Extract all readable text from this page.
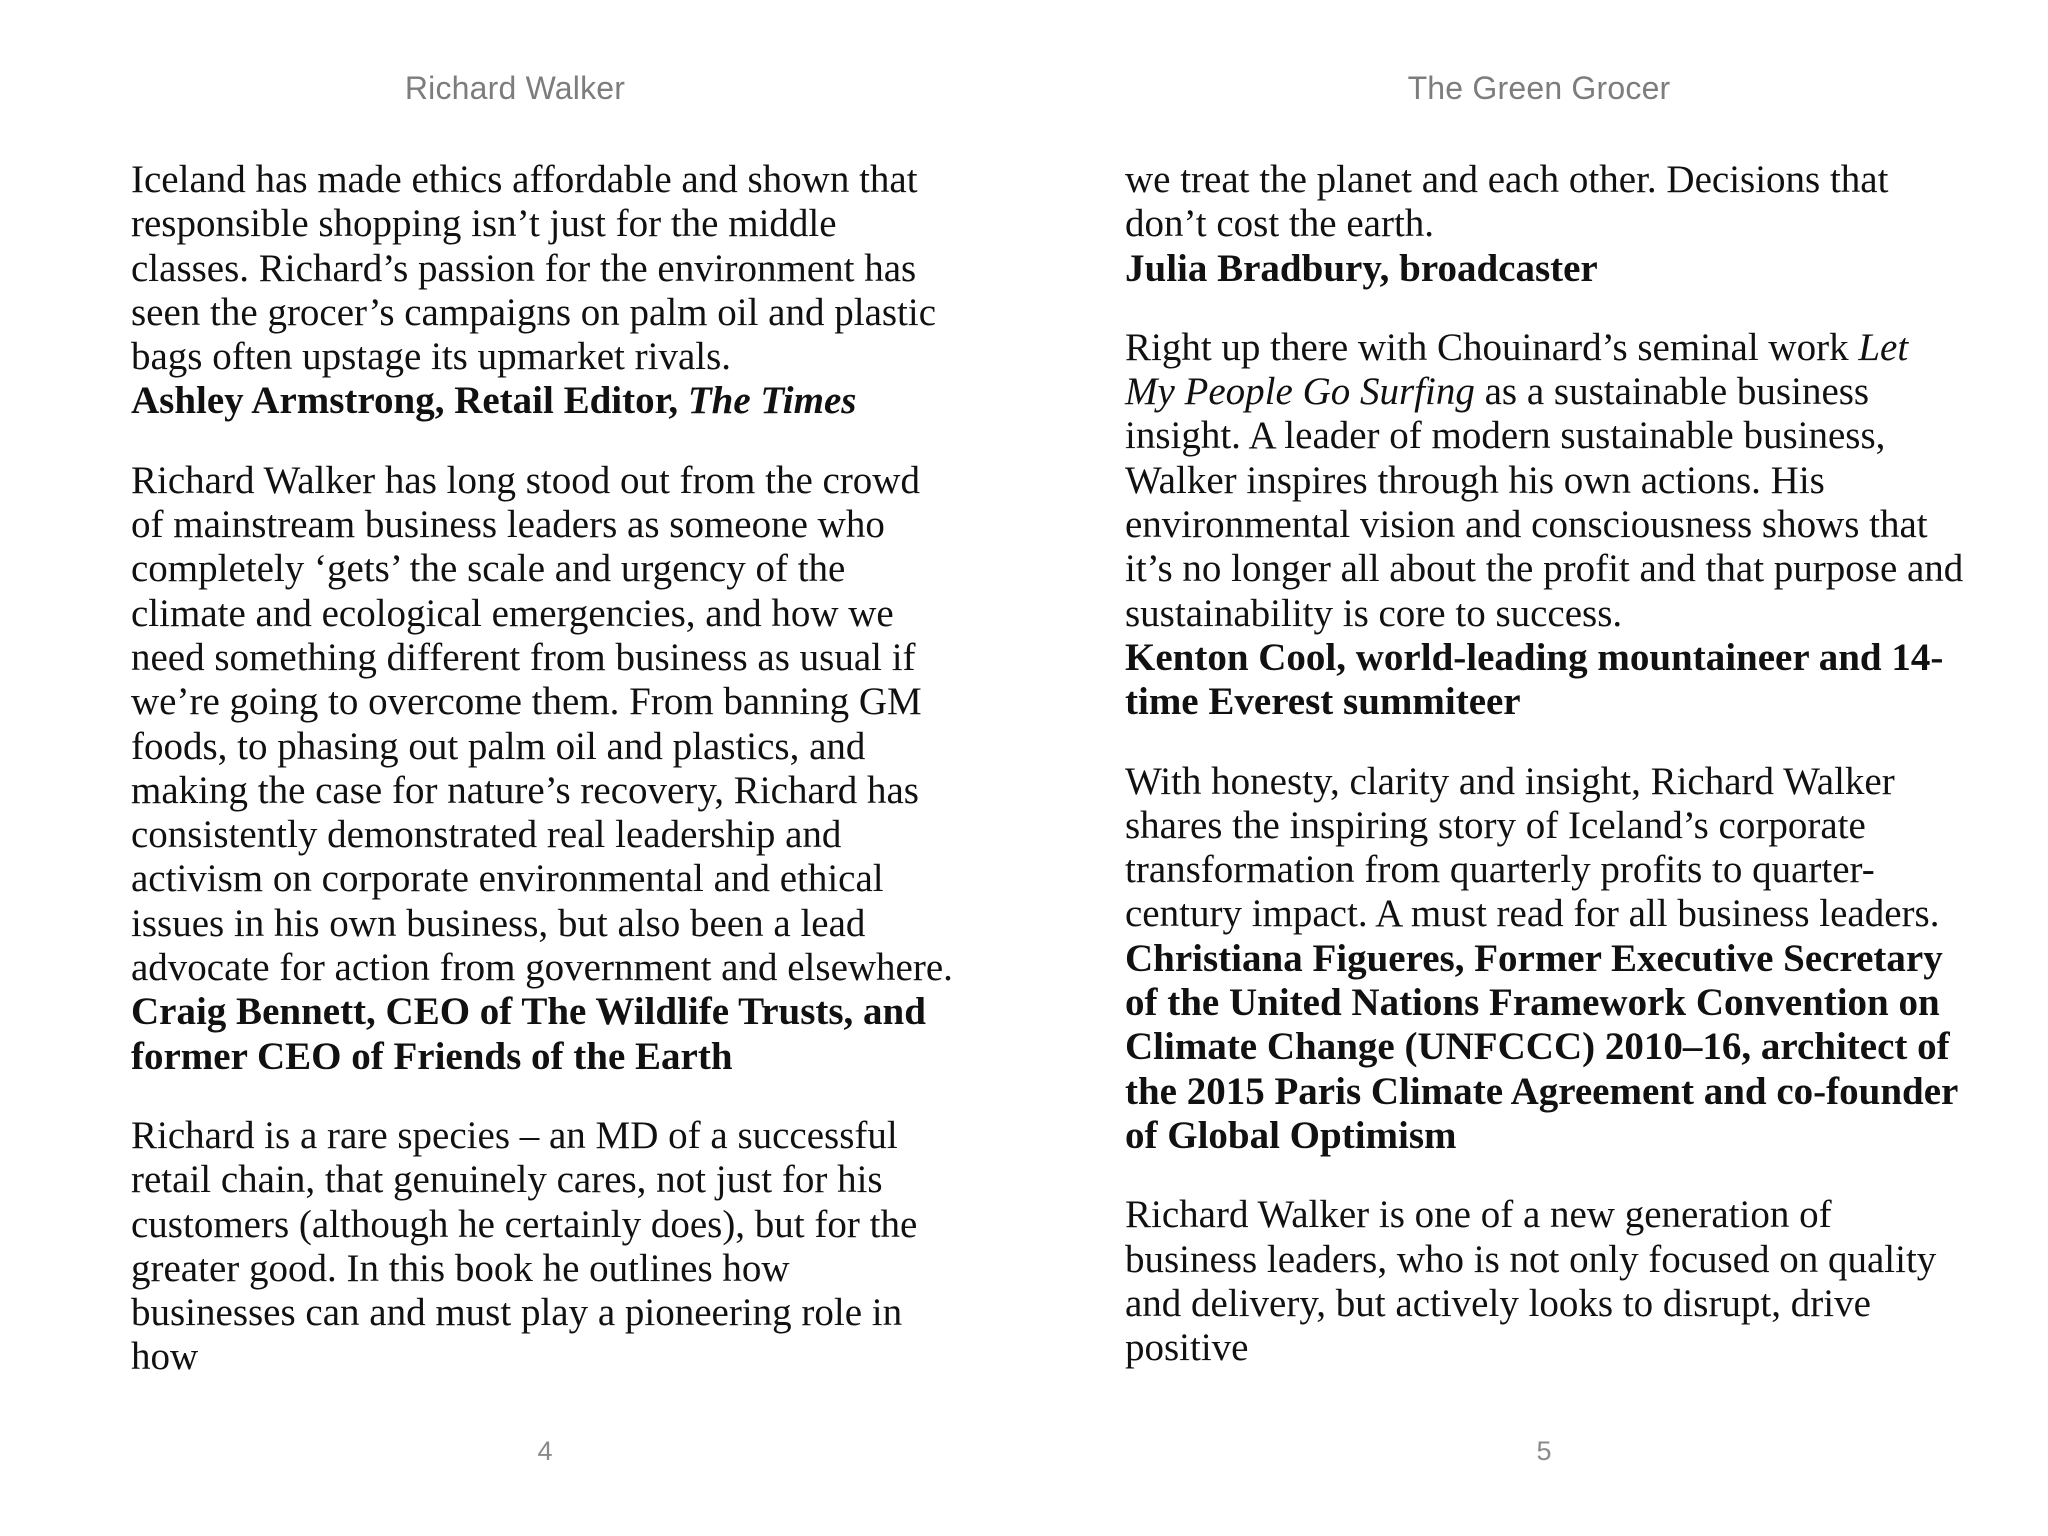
Richard Walker
Iceland has made ethics affordable and shown that responsible shopping isn’t just for the middle classes. Richard’s passion for the environment has seen the grocer’s campaigns on palm oil and plastic bags often upstage its upmarket rivals.
Ashley Armstrong, Retail Editor, The Times
Richard Walker has long stood out from the crowd of mainstream business leaders as someone who completely ‘gets’ the scale and urgency of the climate and ecological emergencies, and how we need something different from business as usual if we’re going to overcome them. From banning GM foods, to phasing out palm oil and plastics, and making the case for nature’s recovery, Richard has consistently demonstrated real leadership and activism on corporate environmental and ethical issues in his own business, but also been a lead advocate for action from government and elsewhere.
Craig Bennett, CEO of The Wildlife Trusts, and former CEO of Friends of the Earth
Richard is a rare species – an MD of a successful retail chain, that genuinely cares, not just for his customers (although he certainly does), but for the greater good. In this book he outlines how businesses can and must play a pioneering role in how
4
The Green Grocer
we treat the planet and each other. Decisions that don’t cost the earth.
Julia Bradbury, broadcaster
Right up there with Chouinard’s seminal work Let My People Go Surfing as a sustainable business insight. A leader of modern sustainable business, Walker inspires through his own actions. His environmental vision and consciousness shows that it’s no longer all about the profit and that purpose and sustainability is core to success.
Kenton Cool, world-leading mountaineer and 14-time Everest summiteer
With honesty, clarity and insight, Richard Walker shares the inspiring story of Iceland’s corporate transformation from quarterly profits to quarter-century impact. A must read for all business leaders.
Christiana Figueres, Former Executive Secretary of the United Nations Framework Convention on Climate Change (UNFCCC) 2010–16, architect of the 2015 Paris Climate Agreement and co-founder of Global Optimism
Richard Walker is one of a new generation of business leaders, who is not only focused on quality and delivery, but actively looks to disrupt, drive positive
5
